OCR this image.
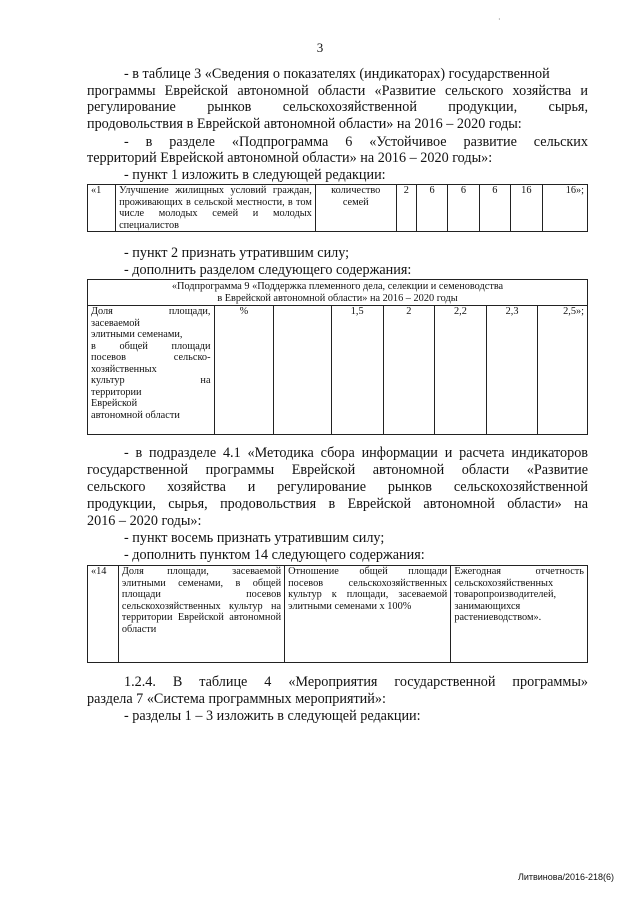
3
·
- в таблице 3 «Сведения о показателях (индикаторах) государственной
программы Еврейской автономной области «Развитие сельского хозяйства и
регулирование рынков сельскохозяйственной продукции, сырья,
продовольствия в Еврейской автономной области» на 2016 – 2020 годы:
- в разделе «Подпрограмма 6 «Устойчивое развитие сельских
территорий Еврейской автономной области» на 2016 – 2020 годы»:
- пункт 1 изложить в следующей редакции:
«1	Улучшение жилищных условий граждан, проживающих в сельской местности, в том числе молодых семей и молодых специалистов	количество семей	2	6	6	6	16	16»;
- пункт 2 признать утратившим силу;
- дополнить разделом следующего содержания:
«Подпрограмма 9 «Поддержка племенного дела, селекции и семеноводства
в Еврейской автономной области» на 2016 – 2020 годы

Доля площади,
засеваемой
элитными семенами,
в общей площади
посевов сельско-
хозяйственных
культур на
территории
Еврейской
автономной области
	%		1,5	2	2,2	2,3	2,5»;
- в подразделе 4.1 «Методика сбора информации и расчета индикаторов
государственной программы Еврейской автономной области «Развитие
сельского хозяйства и регулирование рынков сельскохозяйственной
продукции, сырья, продовольствия в Еврейской автономной области» на
2016 – 2020 годы»:
- пункт восемь признать утратившим силу;
- дополнить пунктом 14 следующего содержания:
«14	Доля площади, засеваемой элитными семенами, в общей площади посевов сельскохозяйственных культур на территории Еврейской автономной области	Отношение общей площади посевов сельскохозяйственных культур к площади, засеваемой элитными семенами х 100%	Ежегодная отчетность сельскохозяйственных товаропроизводителей, занимающихся растениеводством».
1.2.4. В таблице 4 «Мероприятия государственной программы»
раздела 7 «Система программных мероприятий»:
- разделы 1 – 3 изложить в следующей редакции:
Литвинова/2016-218(6)
